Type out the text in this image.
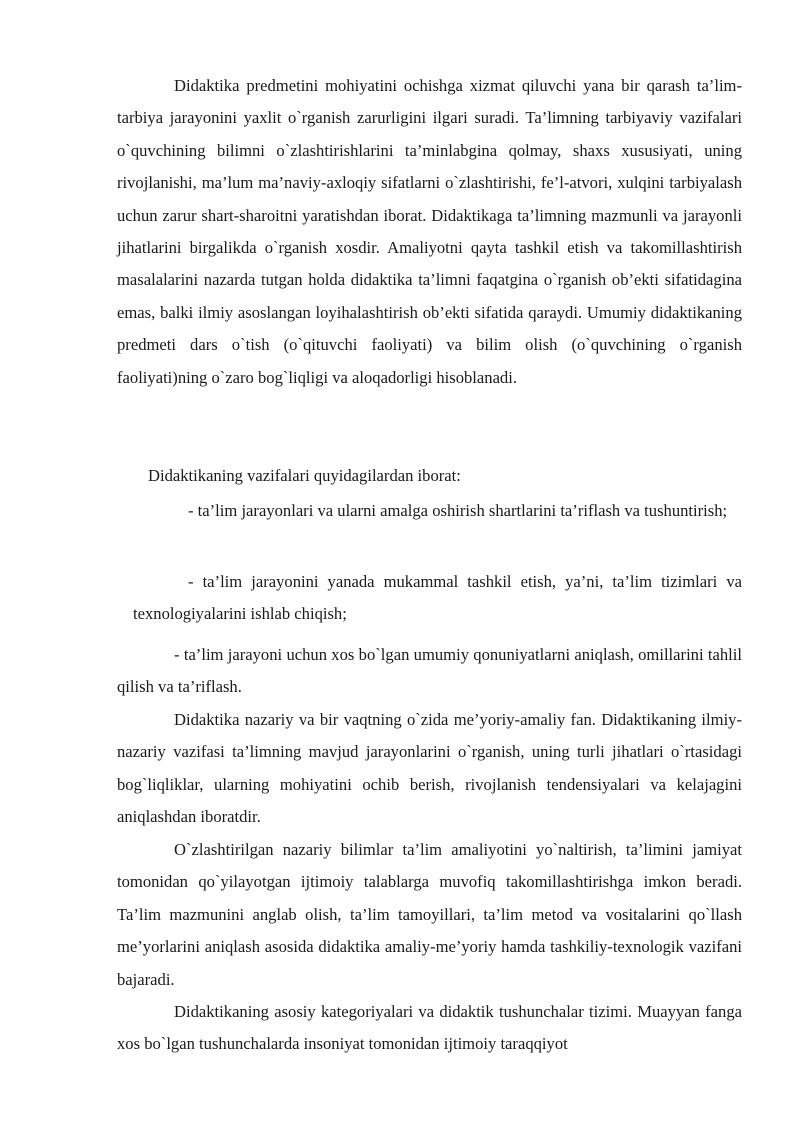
Didaktika predmetini mohiyatini ochishga xizmat qiluvchi yana bir qarash ta’lim-tarbiya jarayonini yaxlit o`rganish zarurligini ilgari suradi. Ta’limning tarbiyaviy vazifalari o`quvchining bilimni o`zlashtirishlarini ta’minlabgina qolmay, shaxs xususiyati, uning rivojlanishi, ma’lum ma’naviy-axloqiy sifatlarni o`zlashtirishi, fe’l-atvori, xulqini tarbiyalash uchun zarur shart-sharoitni yaratishdan iborat. Didaktikaga ta’limning mazmunli va jarayonli jihatlarini birgalikda o`rganish xosdir. Amaliyotni qayta tashkil etish va takomillashtirish masalalarini nazarda tutgan holda didaktika ta’limni faqatgina o`rganish ob’ekti sifatidagina emas, balki ilmiy asoslangan loyihalashtirish ob’ekti sifatida qaraydi. Umumiy didaktikaning predmeti dars o`tish (o`qituvchi faoliyati) va bilim olish (o`quvchining o`rganish faoliyati)ning o`zaro bog`liqligi va aloqadorligi hisoblanadi.

Didaktikaning vazifalari quyidagilardan iborat:

- ta’lim jarayonlari va ularni amalga oshirish shartlarini ta’riflash va tushuntirish;

- ta’lim jarayonini yanada mukammal tashkil etish, ya’ni, ta’lim tizimlari va texnologiyalarini ishlab chiqish;

- ta’lim jarayoni uchun xos bo`lgan umumiy qonuniyatlarni aniqlash, omillarini tahlil qilish va ta’riflash.

Didaktika nazariy va bir vaqtning o`zida me’yoriy-amaliy fan. Didaktikaning ilmiy-nazariy vazifasi ta’limning mavjud jarayonlarini o`rganish, uning turli jihatlari o`rtasidagi bog`liqliklar, ularning mohiyatini ochib berish, rivojlanish tendensiyalari va kelajagini aniqlashdan iboratdir.

O`zlashtirilgan nazariy bilimlar ta’lim amaliyotini yo`naltirish, ta’limini jamiyat tomonidan qo`yilayotgan ijtimoiy talablarga muvofiq takomillashtirishga imkon beradi. Ta’lim mazmunini anglab olish, ta’lim tamoyillari, ta’lim metod va vositalarini qo`llash me’yorlarini aniqlash asosida didaktika amaliy-me’yoriy hamda tashkiliy-texnologik vazifani bajaradi.

Didaktikaning asosiy kategoriyalari va didaktik tushunchalar tizimi. Muayyan fanga xos bo`lgan tushunchalarda insoniyat tomonidan ijtimoiy taraqqiyot
